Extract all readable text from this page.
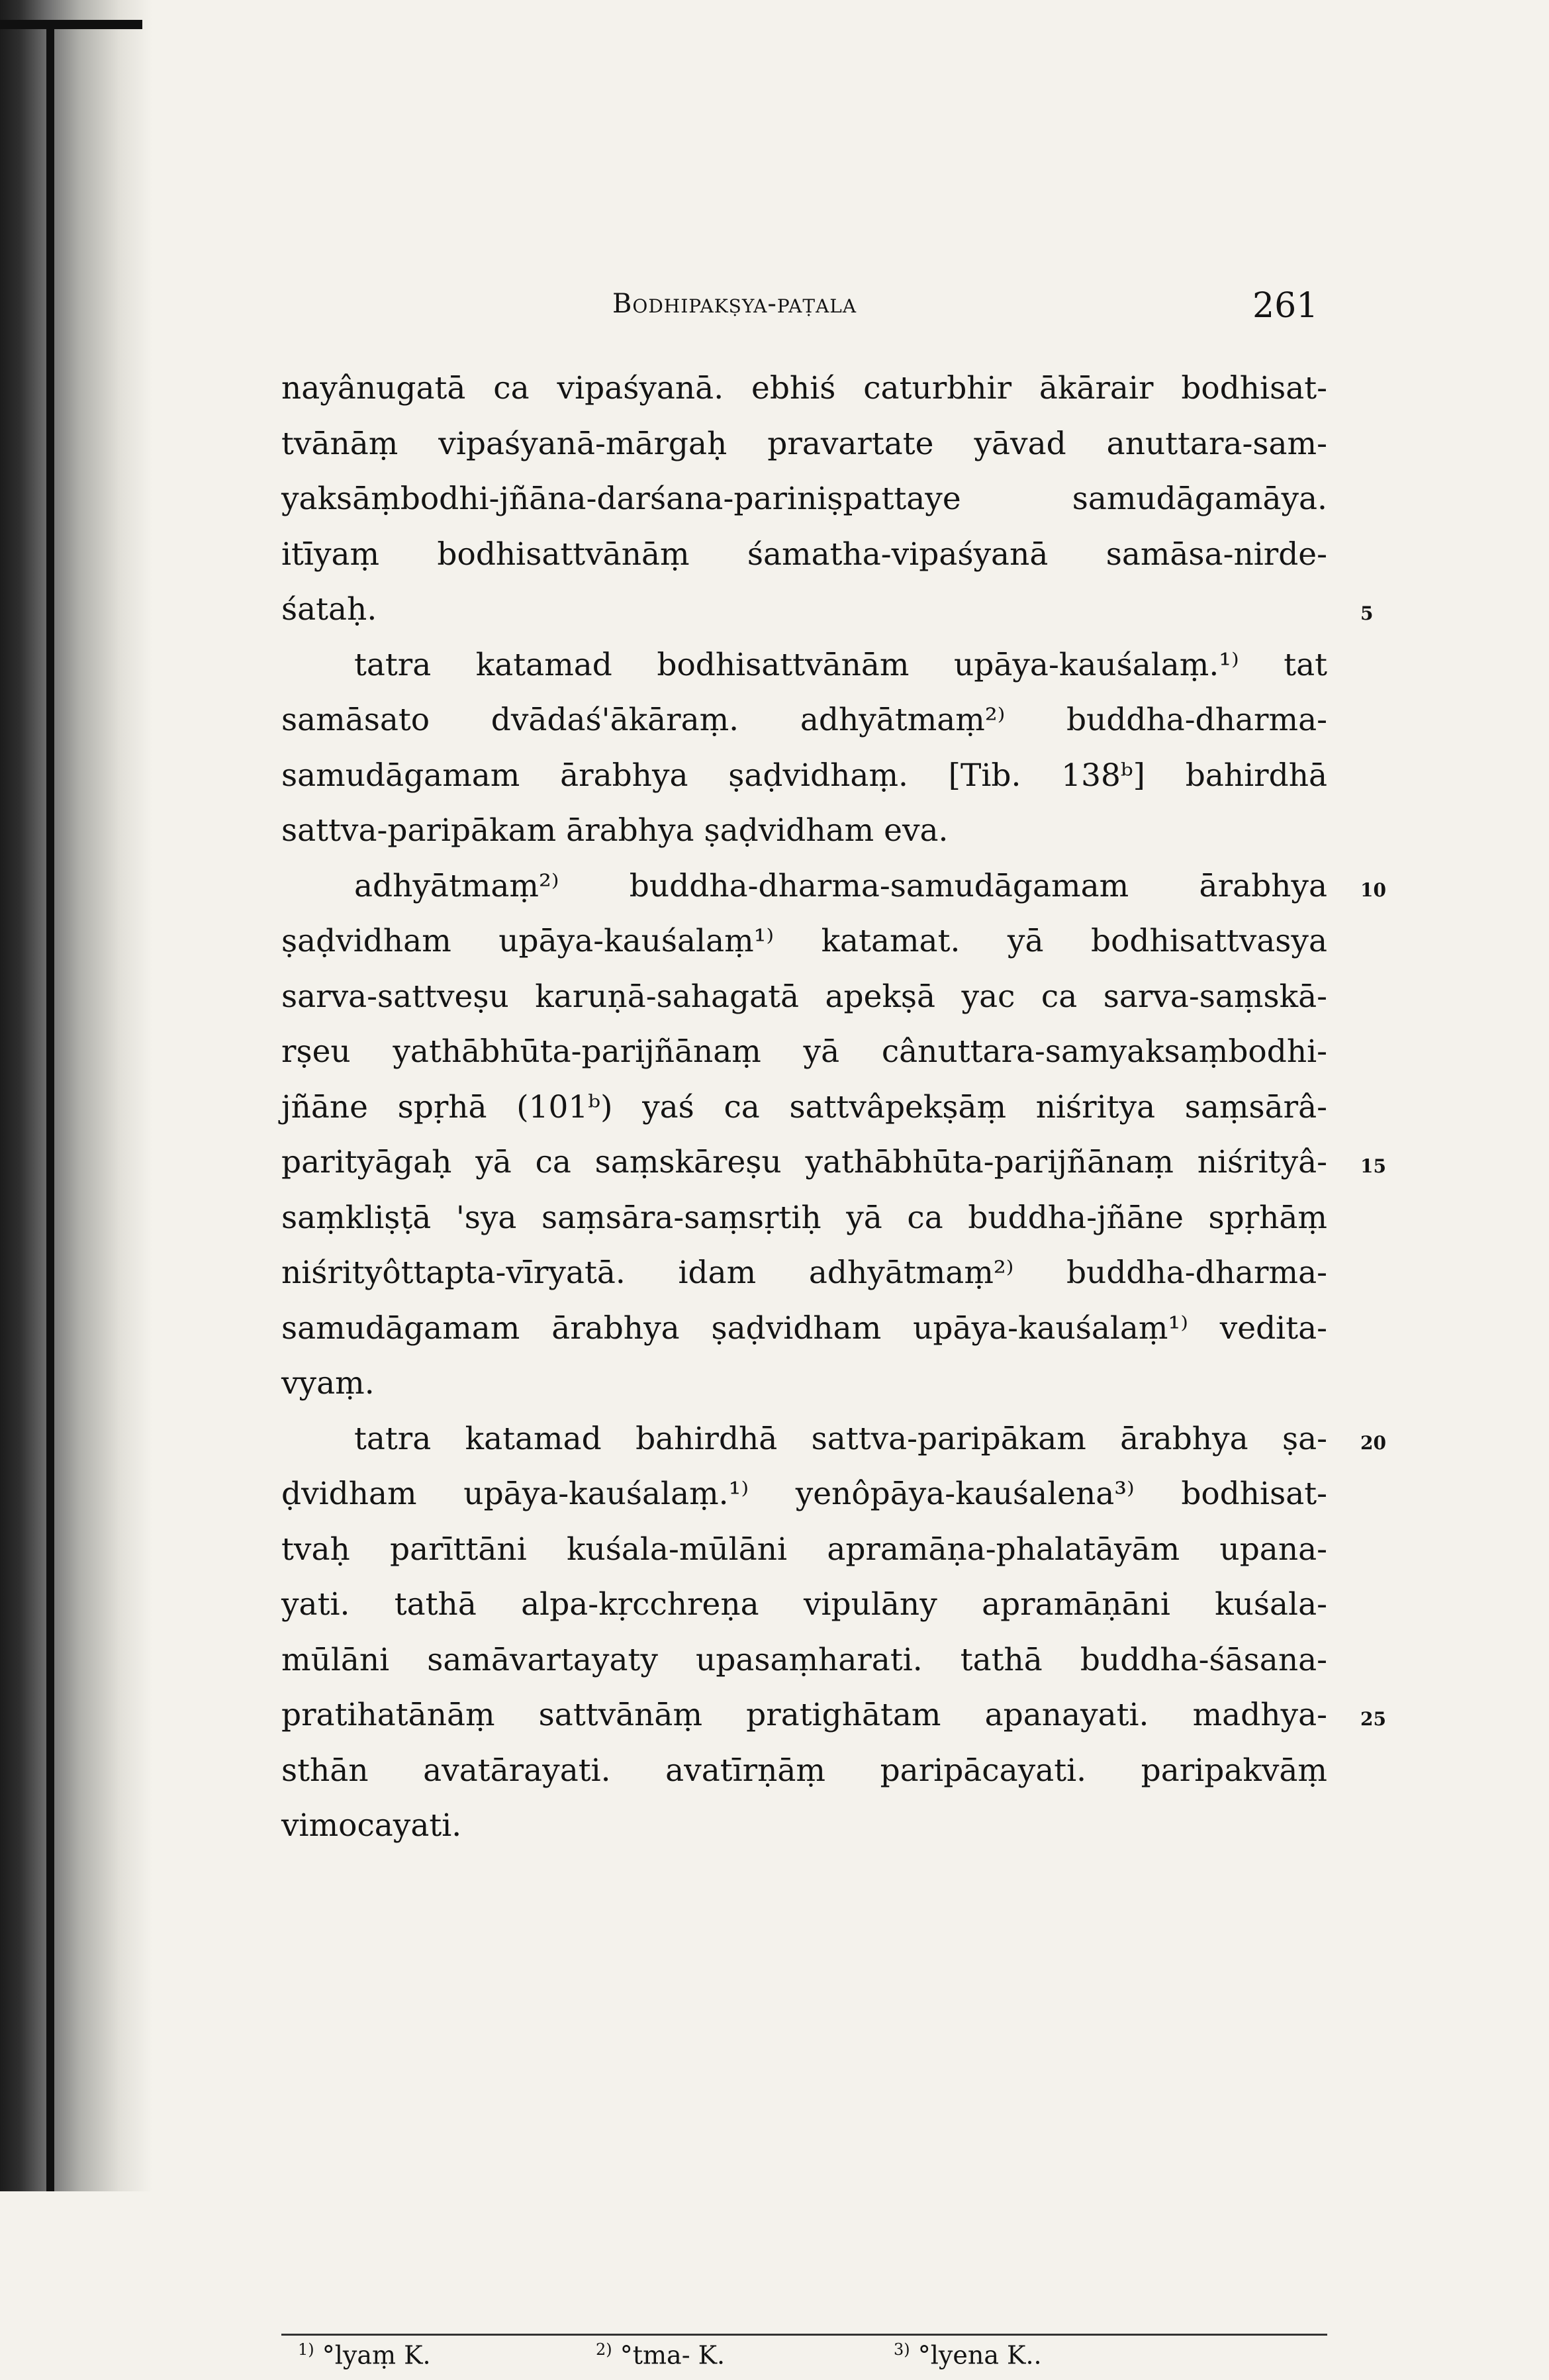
Bodhipakṣya-paṭala	261
nayânugatā ca vipaśyanā. ebhiś caturbhir ākārair bodhisat-
tvānāṃ vipaśyanā-mārgaḥ pravartate yāvad anuttara-sam-
yaksāṃbodhi-jñāna-darśana-pariniṣpattaye samudāgamāya.
itīyaṃ bodhisattvānāṃ śamatha-vipaśyanā samāsa-nirde-
śataḥ.	5
tatra katamad bodhisattvānām upāya-kauśalaṃ.¹⁾ tat
samāsato dvādaś'ākāraṃ. adhyātmaṃ²⁾ buddha-dharma-
samudāgamam ārabhya ṣaḍvidhaṃ. [Tib. 138ᵇ] bahirdhā
sattva-paripākam ārabhya ṣaḍvidham eva.
adhyātmaṃ²⁾ buddha-dharma-samudāgamam ārabhya 10
ṣaḍvidham upāya-kauśalaṃ¹⁾ katamat. yā bodhisattvasya
sarva-sattveṣu karuṇā-sahagatā apekṣā yac ca sarva-saṃskā-
rṣeu yathābhūta-parijñānaṃ yā cânuttara-samyaksaṃbodhi-
jñāne spṛhā (101ᵇ) yaś ca sattvâpekṣāṃ niśritya saṃsārâ-
parityāgaḥ yā ca saṃskāreṣu yathābhūta-parijñānaṃ niśrityâ- 15
saṃkliṣṭā 'sya saṃsāra-saṃsṛtiḥ yā ca buddha-jñāne spṛhāṃ
niśrityôttapta-vīryatā. idam adhyātmaṃ²⁾ buddha-dharma-
samudāgamam ārabhya ṣaḍvidham upāya-kauśalaṃ¹⁾ vedita-
vyaṃ.
tatra katamad bahirdhā sattva-paripākam ārabhya ṣa- 20
ḍvidham upāya-kauśalaṃ.¹⁾ yenôpāya-kauśalena³⁾ bodhisat-
tvaḥ parīttāni kuśala-mūlāni apramāṇa-phalatāyām upana-
yati. tathā alpa-kṛcchreṇa vipulāny apramāṇāni kuśala-
mūlāni samāvartayaty upasaṃharati. tathā buddha-śāsana-
pratihatānāṃ sattvānāṃ pratighātam apanayati. madhya- 25
sthān avatārayati. avatīrṇāṃ paripācayati. paripakvāṃ
vimocayati.
$^{1)}$ °lyaṃ K.	$^{2)}$ °tma- K.	$^{3)}$ °lyena K..
